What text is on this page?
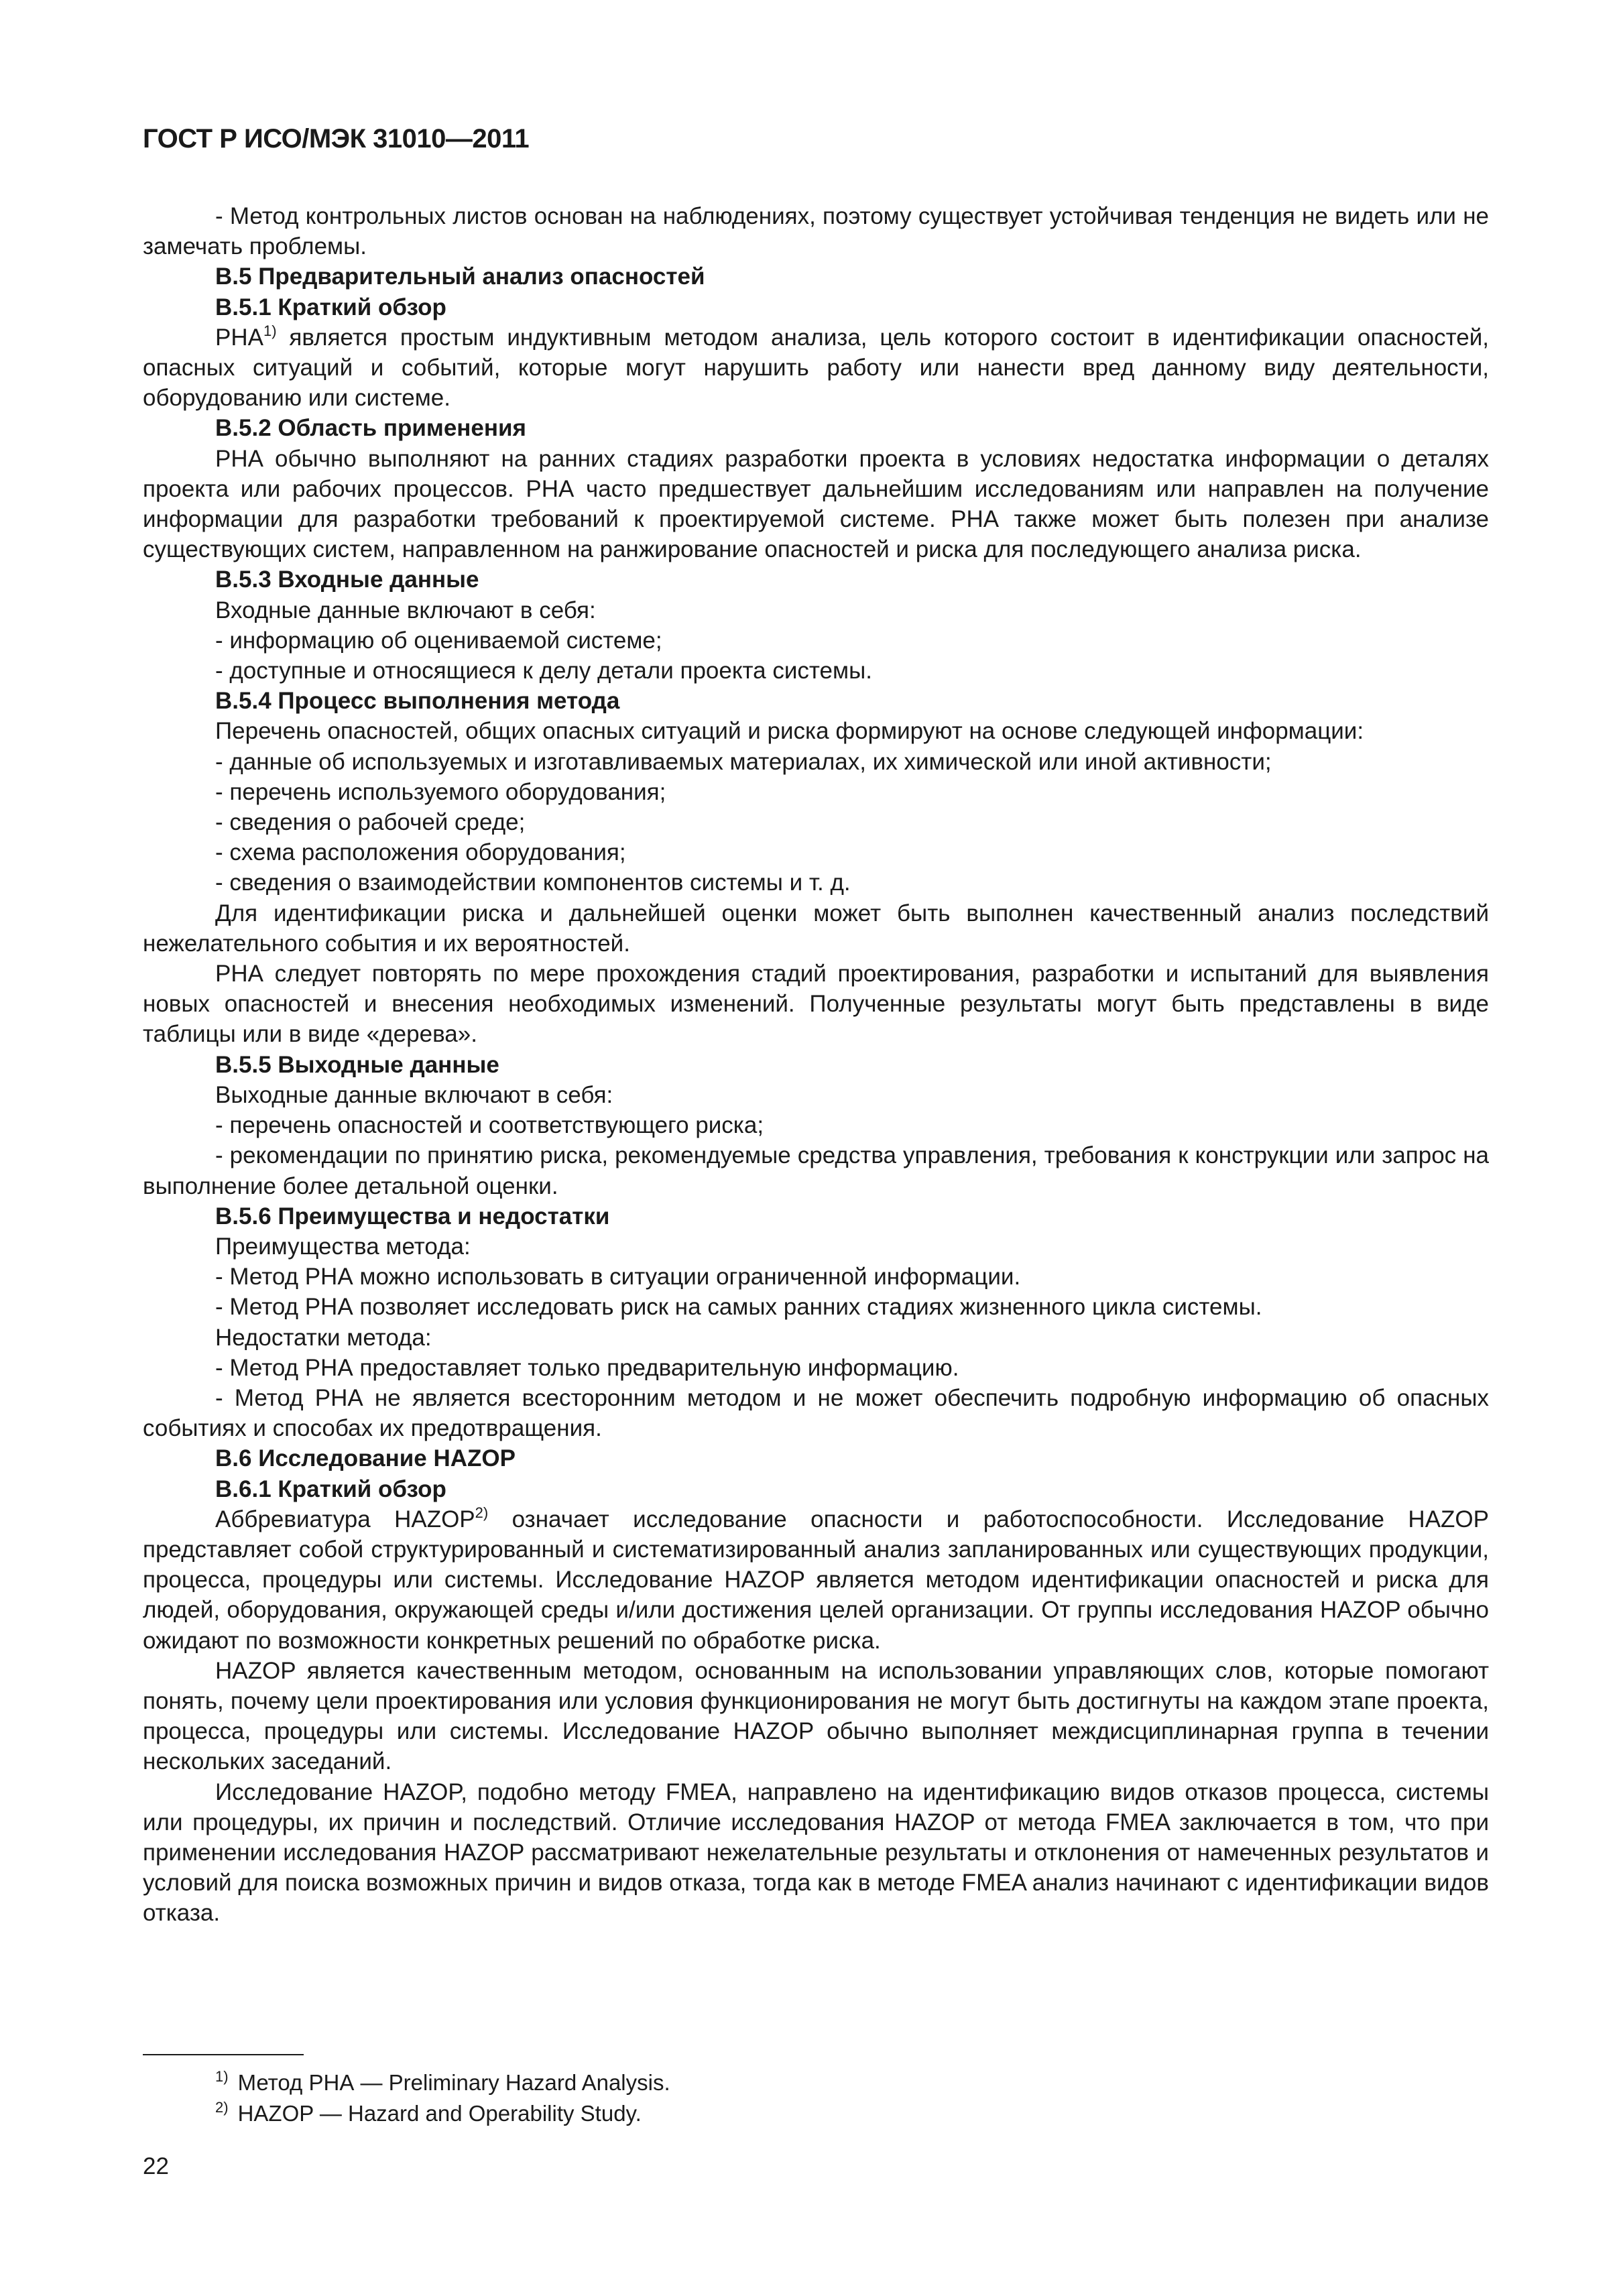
ГОСТ Р ИСО/МЭК 31010—2011

- Метод контрольных листов основан на наблюдениях, поэтому существует устойчивая тенденция не видеть или не замечать проблемы.

В.5 Предварительный анализ опасностей

В.5.1 Краткий обзор

РНА$^{1)}$ является простым индуктивным методом анализа, цель которого состоит в идентификации опасностей, опасных ситуаций и событий, которые могут нарушить работу или нанести вред данному виду деятельности, оборудованию или системе.

В.5.2 Область применения

РНА обычно выполняют на ранних стадиях разработки проекта в условиях недостатка информации о деталях проекта или рабочих процессов. РНА часто предшествует дальнейшим исследованиям или направлен на получение информации для разработки требований к проектируемой системе. РНА также может быть полезен при анализе существующих систем, направленном на ранжирование опасностей и риска для последующего анализа риска.

В.5.3 Входные данные

Входные данные включают в себя:

- информацию об оцениваемой системе;

- доступные и относящиеся к делу детали проекта системы.

В.5.4 Процесс выполнения метода

Перечень опасностей, общих опасных ситуаций и риска формируют на основе следующей информации:

- данные об используемых и изготавливаемых материалах, их химической или иной активности;

- перечень используемого оборудования;

- сведения о рабочей среде;

- схема расположения оборудования;

- сведения о взаимодействии компонентов системы и т. д.

Для идентификации риска и дальнейшей оценки может быть выполнен качественный анализ последствий нежелательного события и их вероятностей.

РНА следует повторять по мере прохождения стадий проектирования, разработки и испытаний для выявления новых опасностей и внесения необходимых изменений. Полученные результаты могут быть представлены в виде таблицы или в виде «дерева».

В.5.5 Выходные данные

Выходные данные включают в себя:

- перечень опасностей и соответствующего риска;

- рекомендации по принятию риска, рекомендуемые средства управления, требования к конструкции или запрос на выполнение более детальной оценки.

В.5.6 Преимущества и недостатки

Преимущества метода:

- Метод РНА можно использовать в ситуации ограниченной информации.

- Метод РНА позволяет исследовать риск на самых ранних стадиях жизненного цикла системы.

Недостатки метода:

- Метод РНА предоставляет только предварительную информацию.

- Метод РНА не является всесторонним методом и не может обеспечить подробную информацию об опасных событиях и способах их предотвращения.

В.6 Исследование HAZOP

В.6.1 Краткий обзор

Аббревиатура HAZOP$^{2)}$ означает исследование опасности и работоспособности. Исследование HAZOP представляет собой структурированный и систематизированный анализ запланированных или существующих продукции, процесса, процедуры или системы. Исследование HAZOP является методом идентификации опасностей и риска для людей, оборудования, окружающей среды и/или достижения целей организации. От группы исследования HAZOP обычно ожидают по возможности конкретных решений по обработке риска.

HAZOP является качественным методом, основанным на использовании управляющих слов, которые помогают понять, почему цели проектирования или условия функционирования не могут быть достигнуты на каждом этапе проекта, процесса, процедуры или системы. Исследование HAZOP обычно выполняет междисциплинарная группа в течении нескольких заседаний.

Исследование HAZOP, подобно методу FMEA, направлено на идентификацию видов отказов процесса, системы или процедуры, их причин и последствий. Отличие исследования HAZOP от метода FMEA заключается в том, что при применении исследования HAZOP рассматривают нежелательные результаты и отклонения от намеченных результатов и условий для поиска возможных причин и видов отказа, тогда как в методе FMEA анализ начинают с идентификации видов отказа.

$^{1)}$ Метод РНА — Preliminary Hazard Analysis.
$^{2)}$ HAZOP — Hazard and Operability Study.
22
